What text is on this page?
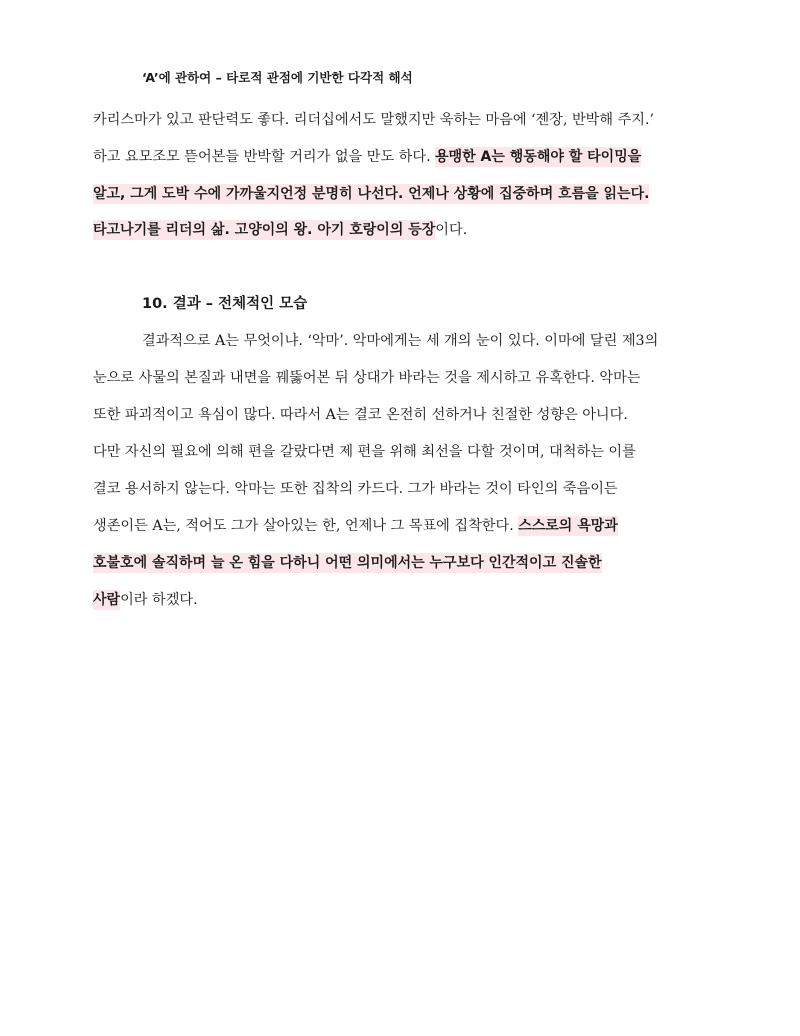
‘A’에 관하여 – 타로적 관점에 기반한 다각적 해석
카리스마가 있고 판단력도 좋다. 리더십에서도 말했지만 욱하는 마음에 ‘젠장, 반박해 주지.’
하고 요모조모 뜯어본들 반박할 거리가 없을 만도 하다. 용맹한 A는 행동해야 할 타이밍을
알고, 그게 도박 수에 가까울지언정 분명히 나선다. 언제나 상황에 집중하며 흐름을 읽는다.
타고나기를 리더의 삶. 고양이의 왕. 아기 호랑이의 등장이다.
10. 결과 – 전체적인 모습
결과적으로 A는 무엇이냐. ‘악마’. 악마에게는 세 개의 눈이 있다. 이마에 달린 제3의
눈으로 사물의 본질과 내면을 꿰뚫어본 뒤 상대가 바라는 것을 제시하고 유혹한다. 악마는
또한 파괴적이고 욕심이 많다. 따라서 A는 결코 온전히 선하거나 친절한 성향은 아니다.
다만 자신의 필요에 의해 편을 갈랐다면 제 편을 위해 최선을 다할 것이며, 대척하는 이를
결코 용서하지 않는다. 악마는 또한 집착의 카드다. 그가 바라는 것이 타인의 죽음이든
생존이든 A는, 적어도 그가 살아있는 한, 언제나 그 목표에 집착한다. 스스로의 욕망과
호불호에 솔직하며 늘 온 힘을 다하니 어떤 의미에서는 누구보다 인간적이고 진솔한
사람이라 하겠다.
